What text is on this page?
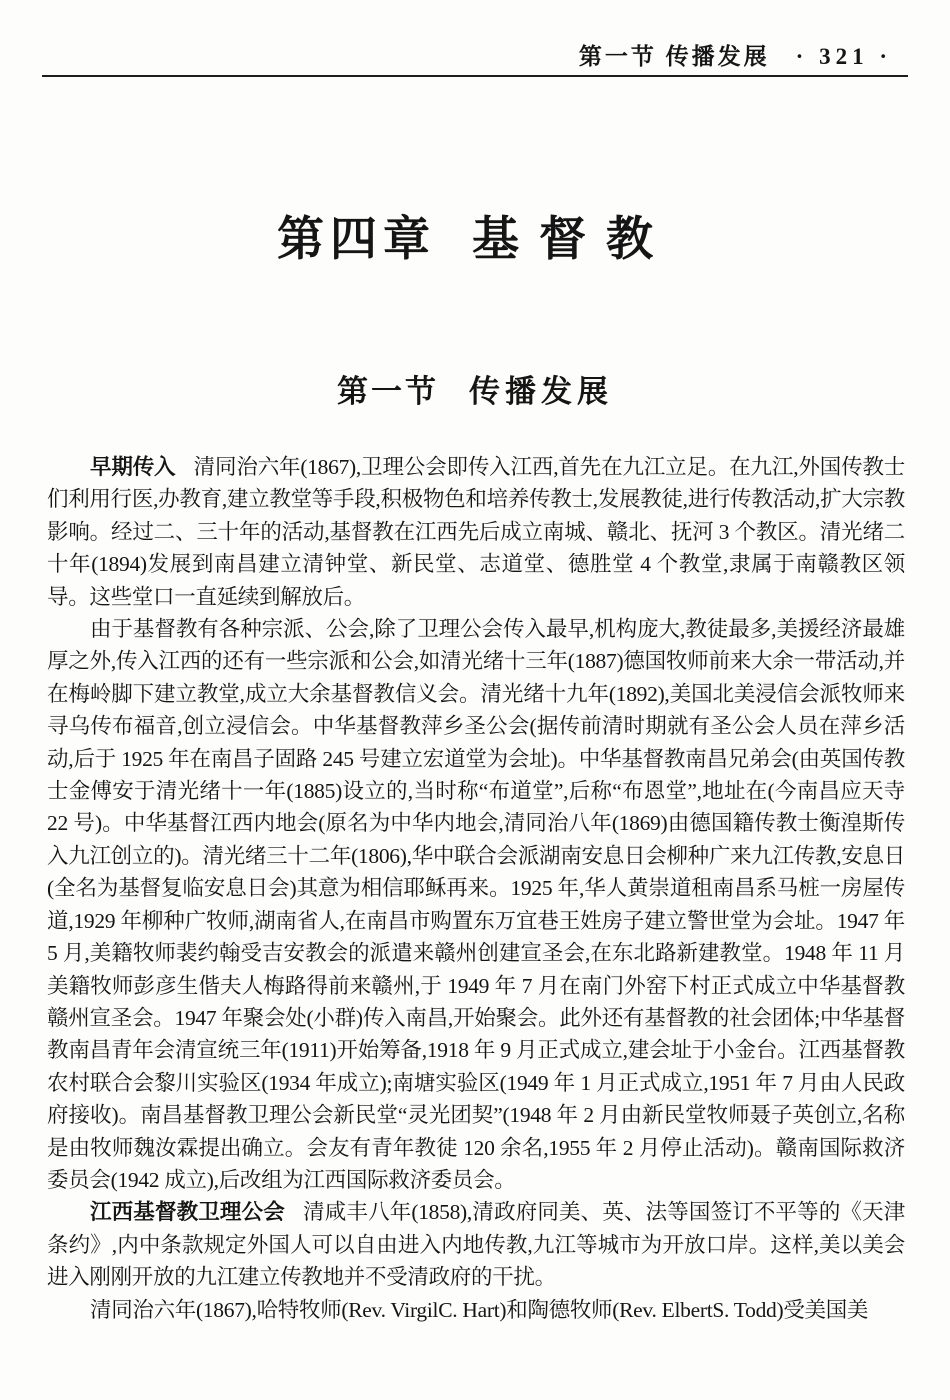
第一节 传播发展 · 321 ·
第四章 基督教
第一节 传播发展

早期传入 清同治六年(1867),卫理公会即传入江西,首先在九江立足。在九江,外国传教士们利用行医,办教育,建立教堂等手段,积极物色和培养传教士,发展教徒,进行传教活动,扩大宗教影响。经过二、三十年的活动,基督教在江西先后成立南城、赣北、抚河 3 个教区。清光绪二十年(1894)发展到南昌建立清钟堂、新民堂、志道堂、德胜堂 4 个教堂,隶属于南赣教区领导。这些堂口一直延续到解放后。

由于基督教有各种宗派、公会,除了卫理公会传入最早,机构庞大,教徒最多,美援经济最雄厚之外,传入江西的还有一些宗派和公会,如清光绪十三年(1887)德国牧师前来大余一带活动,并在梅岭脚下建立教堂,成立大余基督教信义会。清光绪十九年(1892),美国北美浸信会派牧师来寻乌传布福音,创立浸信会。中华基督教萍乡圣公会(据传前清时期就有圣公会人员在萍乡活动,后于 1925 年在南昌子固路 245 号建立宏道堂为会址)。中华基督教南昌兄弟会(由英国传教士金傅安于清光绪十一年(1885)设立的,当时称“布道堂”,后称“布恩堂”,地址在(今南昌应天寺 22 号)。中华基督江西内地会(原名为中华内地会,清同治八年(1869)由德国籍传教士衡湟斯传入九江创立的)。清光绪三十二年(1806),华中联合会派湖南安息日会柳种广来九江传教,安息日(全名为基督复临安息日会)其意为相信耶稣再来。1925 年,华人黄崇道租南昌系马桩一房屋传道,1929 年柳种广牧师,湖南省人,在南昌市购置东万宜巷王姓房子建立警世堂为会址。1947 年 5 月,美籍牧师裴约翰受吉安教会的派遣来赣州创建宣圣会,在东北路新建教堂。1948 年 11 月美籍牧师彭彦生偕夫人梅路得前来赣州,于 1949 年 7 月在南门外窑下村正式成立中华基督教赣州宣圣会。1947 年聚会处(小群)传入南昌,开始聚会。此外还有基督教的社会团体;中华基督教南昌青年会清宣统三年(1911)开始筹备,1918 年 9 月正式成立,建会址于小金台。江西基督教农村联合会黎川实验区(1934 年成立);南塘实验区(1949 年 1 月正式成立,1951 年 7 月由人民政府接收)。南昌基督教卫理公会新民堂“灵光团契”(1948 年 2 月由新民堂牧师聂子英创立,名称是由牧师魏汝霖提出确立。会友有青年教徒 120 余名,1955 年 2 月停止活动)。赣南国际救济委员会(1942 成立),后改组为江西国际救济委员会。

江西基督教卫理公会 清咸丰八年(1858),清政府同美、英、法等国签订不平等的《天津条约》,内中条款规定外国人可以自由进入内地传教,九江等城市为开放口岸。这样,美以美会进入刚刚开放的九江建立传教地并不受清政府的干扰。

清同治六年(1867),哈特牧师(Rev. VirgilC. Hart)和陶德牧师(Rev. ElbertS. Todd)受美国美
